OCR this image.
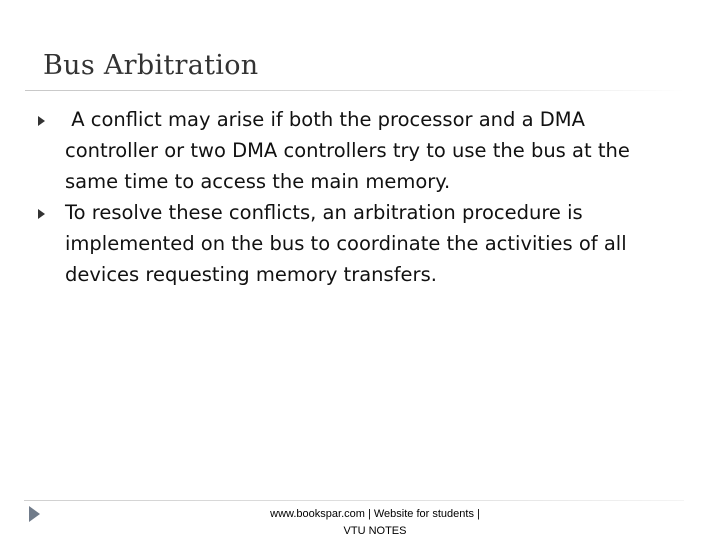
Bus Arbitration
A conflict may arise if both the processor and a DMA controller or two DMA controllers try to use the bus at the same time to access the main memory.
To resolve these conflicts, an arbitration procedure is implemented on the bus to coordinate the activities of all devices requesting memory transfers.
www.bookspar.com | Website for students |
VTU NOTES
